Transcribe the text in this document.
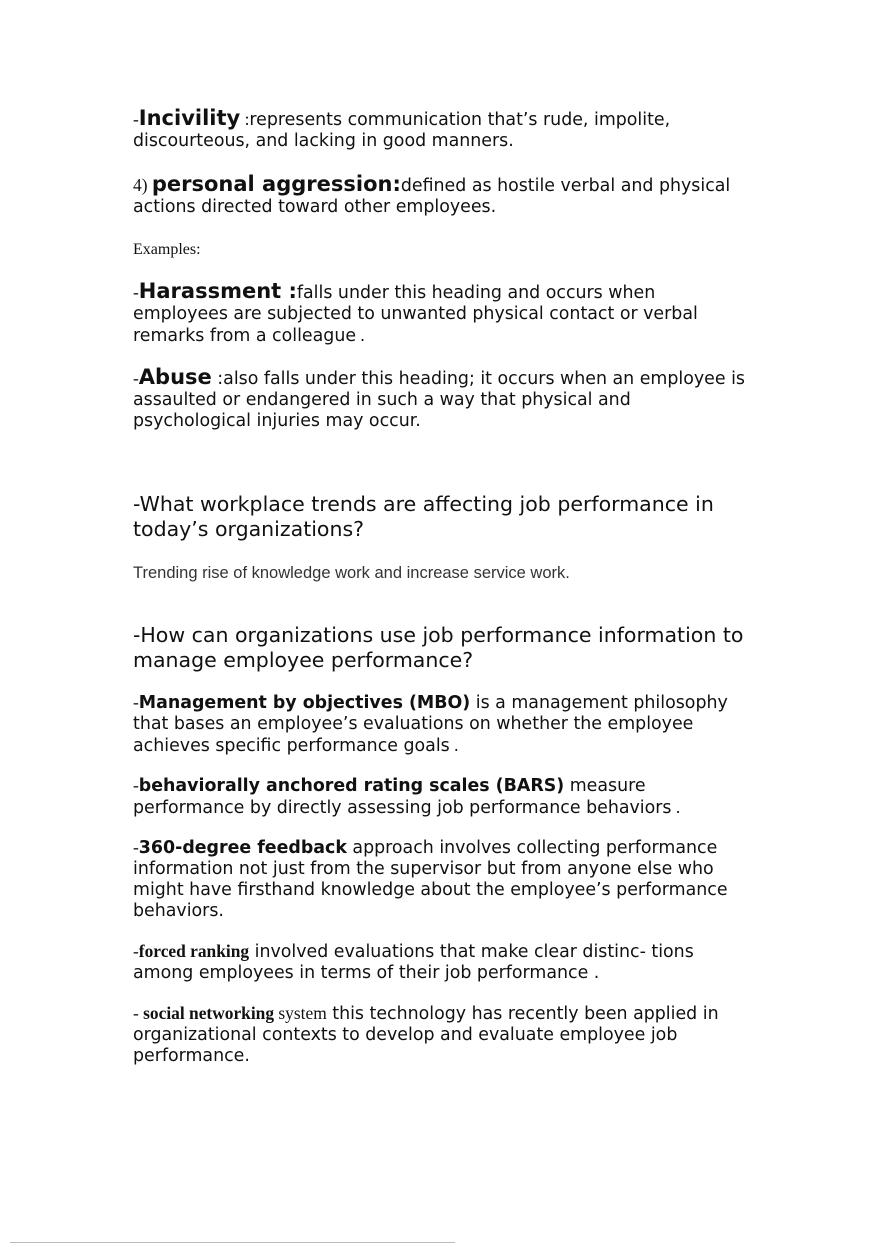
-Incivility :represents communication that’s rude, impolite, discourteous, and lacking in good manners.

4) personal aggression:defined as hostile verbal and physical actions directed toward other employees.

Examples:

-Harassment :falls under this heading and occurs when employees are subjected to unwanted physical contact or verbal remarks from a colleague .

-Abuse :also falls under this heading; it occurs when an employee is assaulted or endangered in such a way that physical and psychological injuries may occur.

-What workplace trends are affecting job performance in today’s organizations?

Trending rise of knowledge work and increase service work.

-How can organizations use job performance information to manage employee performance?

-Management by objectives (MBO) is a management philosophy that bases an employee’s evaluations on whether the employee achieves specific performance goals .

-behaviorally anchored rating scales (BARS) measure performance by directly assessing job performance behaviors .

-360-degree feedback approach involves collecting performance information not just from the supervisor but from anyone else who might have firsthand knowledge about the employee’s performance behaviors.

-forced ranking involved evaluations that make clear distinc- tions among employees in terms of their job performance .

- social networking system this technology has recently been applied in organizational contexts to develop and evaluate employee job performance.
